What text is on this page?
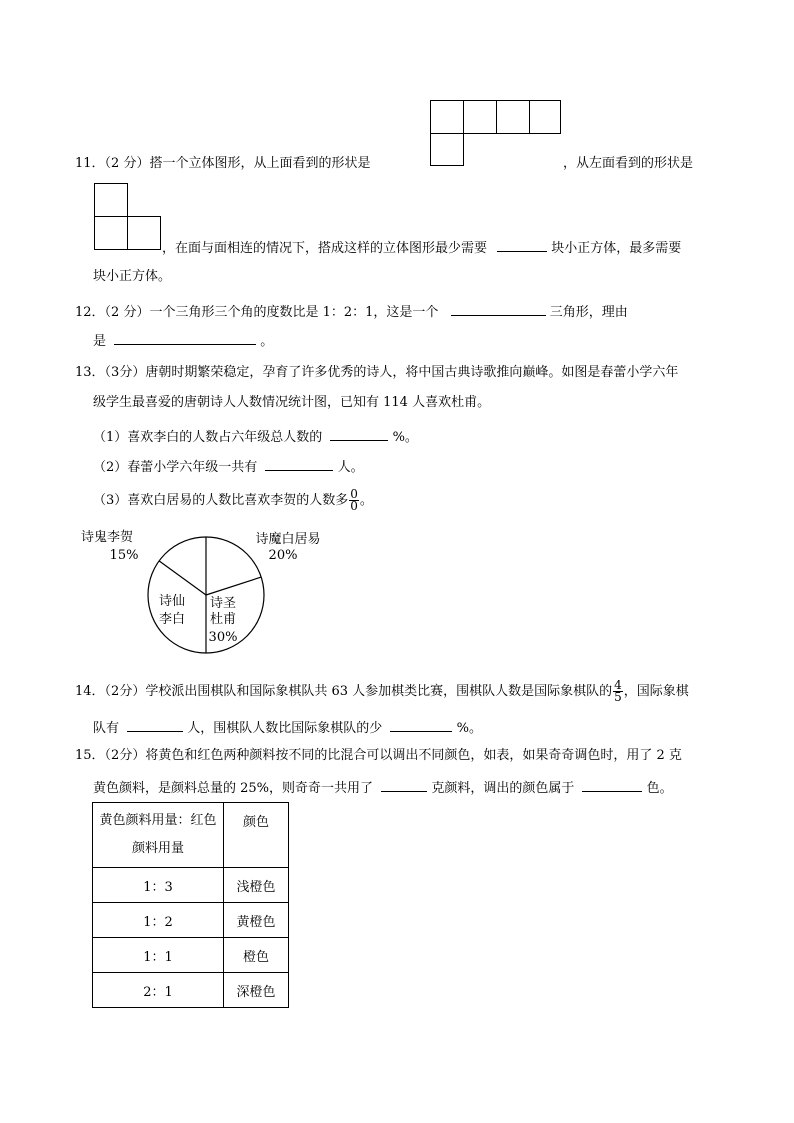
11．（2 分）搭一个立体图形，从上面看到的形状是	，从左面看到的形状是
，在面与面相连的情况下，搭成这样的立体图形最少需要	块小正方体，最多需要
块小正方体。
12．（2 分）一个三角形三个角的度数比是 1：2：1，这是一个	三角形，理由
是	。
13．（3分）唐朝时期繁荣稳定，孕育了许多优秀的诗人，将中国古典诗歌推向巅峰。如图是春蕾小学六年
级学生最喜爱的唐朝诗人人数情况统计图，已知有 114 人喜欢杜甫。
（1）喜欢李白的人数占六年级总人数的	%。
（2）春蕾小学六年级一共有	人。
（3）喜欢白居易的人数比喜欢李贺的人数多 $\frac{0}{0}$ 。
诗魔白居易
20%
诗圣
杜甫
30%
诗仙
李白
诗鬼李贺
15%
14．（2分）学校派出围棋队和国际象棋队共 63 人参加棋类比赛，围棋队人数是国际象棋队的 $\frac{4}{5}$ ，国际象棋
队有	人，围棋队人数比国际象棋队的少	%。
15．（2分）将黄色和红色两种颜料按不同的比混合可以调出不同颜色，如表，如果奇奇调色时，用了 2 克
黄色颜料，是颜料总量的 25%，则奇奇一共用了	克颜料，调出的颜色属于	色。
黄色颜料用量：红色
颜料用量	颜色
1：3	浅橙色
1：2	黄橙色
1：1	橙色
2：1	深橙色
